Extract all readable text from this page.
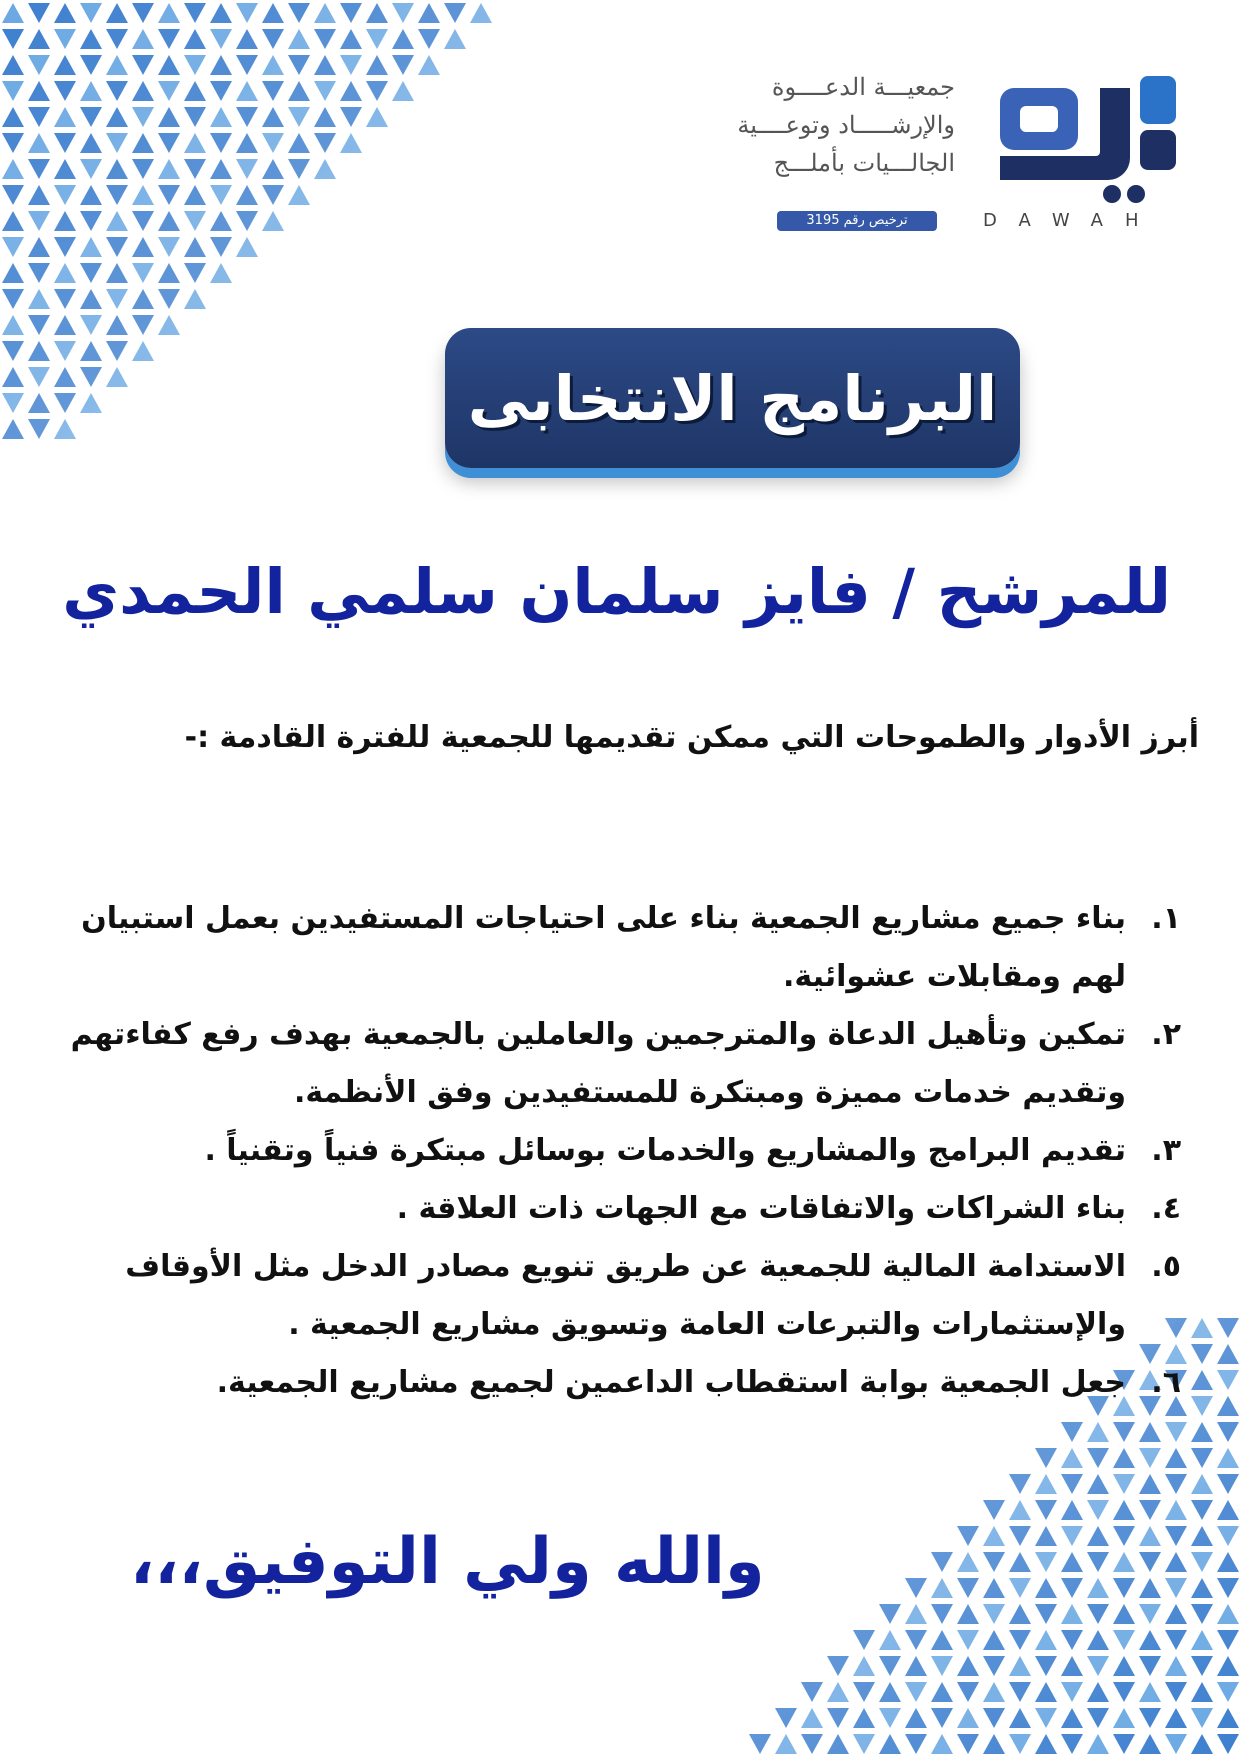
جمعيـــة الدعــــوة
والإرشـــــاد وتوعــــية
الجالـــيات بأملـــج
ترخيص رقم 3195	DAWAH
البرنامج الانتخابى
للمرشح / فايز سلمان سلمي الحمدي
أبرز الأدوار والطموحات التي ممكن تقديمها للجمعية للفترة القادمة :-
١.
بناء جميع مشاريع الجمعية بناء على احتياجات المستفيدين بعمل استبيان لهم ومقابلات عشوائية.
٢.
تمكين وتأهيل الدعاة والمترجمين والعاملين بالجمعية بهدف رفع كفاءتهم وتقديم خدمات مميزة ومبتكرة للمستفيدين وفق الأنظمة.
٣.
تقديم البرامج والمشاريع والخدمات بوسائل مبتكرة فنياً وتقنياً .
٤.
بناء الشراكات والاتفاقات مع الجهات ذات العلاقة .
٥.
الاستدامة المالية للجمعية عن طريق تنويع مصادر الدخل مثل الأوقاف والإستثمارات والتبرعات العامة وتسويق مشاريع الجمعية .
٦.
جعل الجمعية بوابة استقطاب الداعمين لجميع مشاريع الجمعية.
والله ولي التوفيق،،،
